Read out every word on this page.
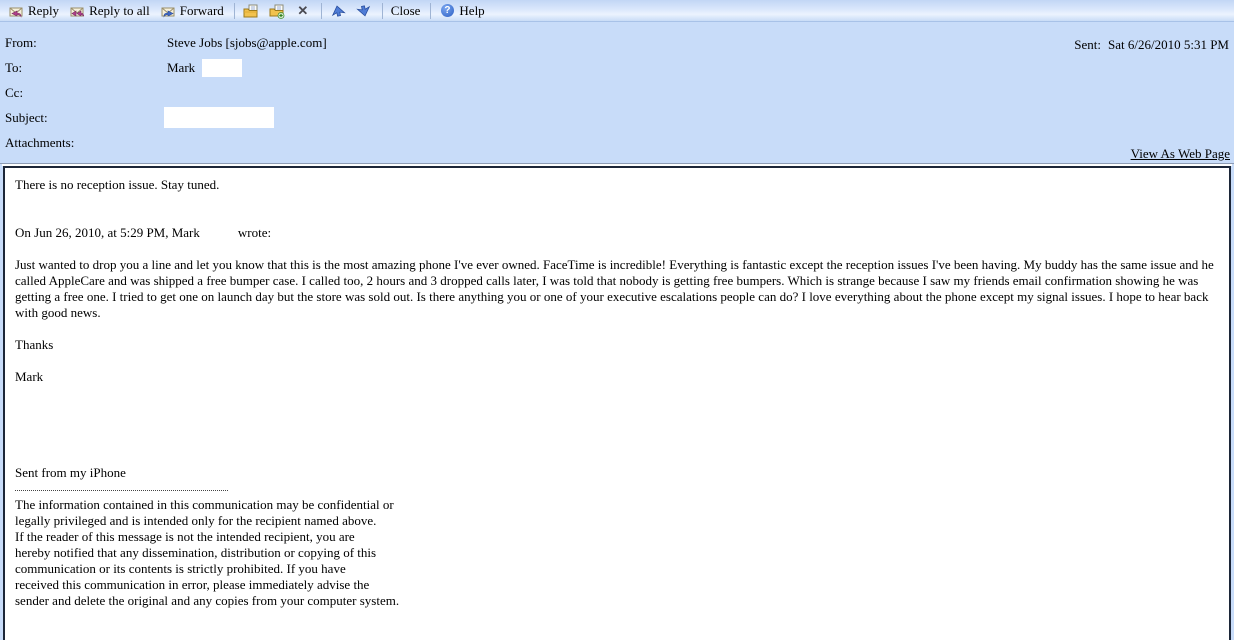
Reply Reply to all Forward	✕	Close	? Help
From:	Steve Jobs [sjobs@apple.com]	Sent: Sat 6/26/2010 5:31 PM
To:	Mark
Cc:
Subject:
Attachments:
View As Web Page
There is no reception issue. Stay tuned.
On Jun 26, 2010, at 5:29 PM, Mark	wrote:
Just wanted to drop you a line and let you know that this is the most amazing phone I've ever owned. FaceTime is incredible! Everything is fantastic except the reception issues I've been having. My buddy has the same issue and he called AppleCare and was shipped a free bumper case. I called too, 2 hours and 3 dropped calls later, I was told that nobody is getting free bumpers. Which is strange because I saw my friends email confirmation showing he was getting a free one. I tried to get one on launch day but the store was sold out. Is there anything you or one of your executive escalations people can do? I love everything about the phone except my signal issues. I hope to hear back with good news.
Thanks
Mark
Sent from my iPhone
The information contained in this communication may be confidential or
legally privileged and is intended only for the recipient named above.
If the reader of this message is not the intended recipient, you are
hereby notified that any dissemination, distribution or copying of this
communication or its contents is strictly prohibited. If you have
received this communication in error, please immediately advise the
sender and delete the original and any copies from your computer system.
